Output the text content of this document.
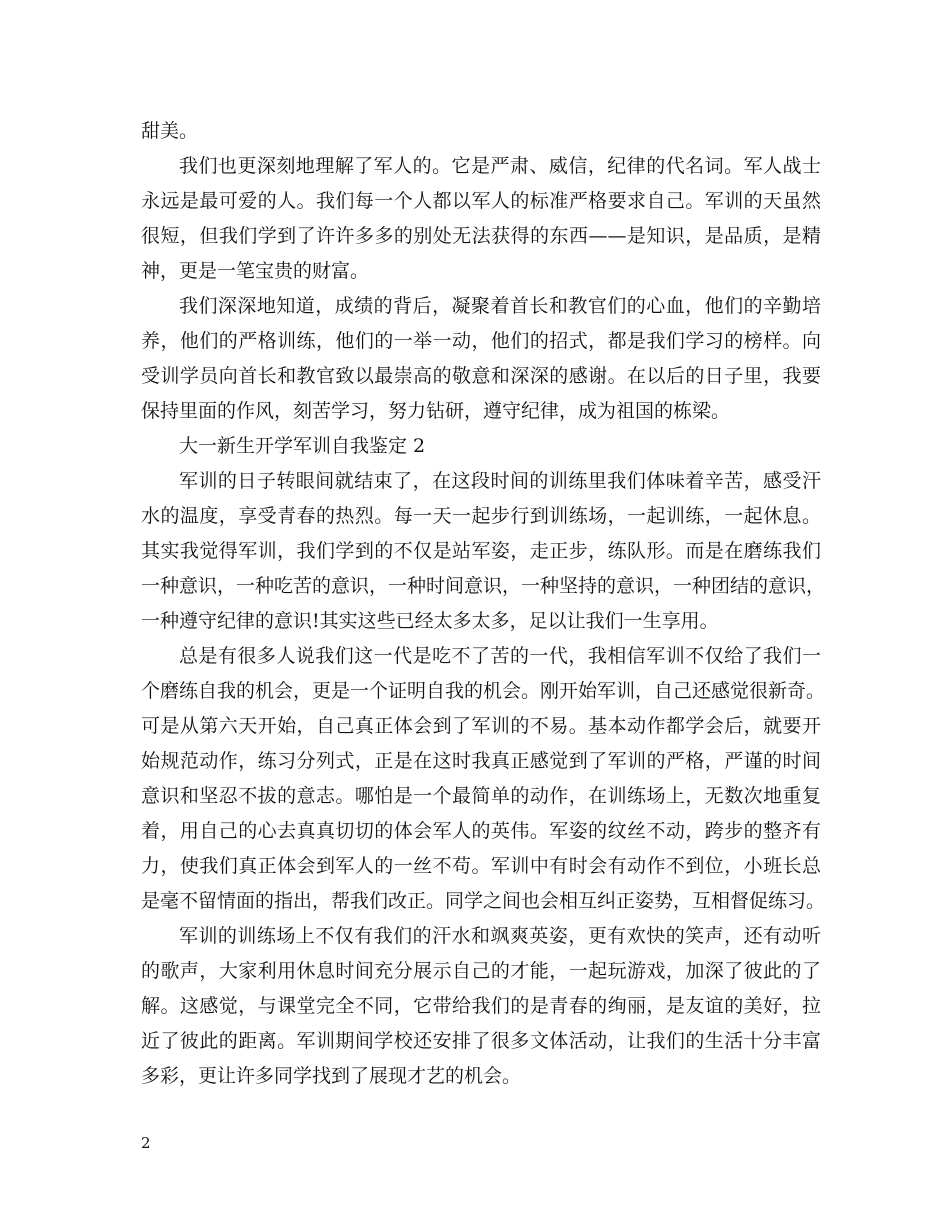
甜美。
我们也更深刻地理解了军人的。它是严肃、威信，纪律的代名词。军人战士
永远是最可爱的人。我们每一个人都以军人的标准严格要求自己。军训的天虽然
很短，但我们学到了许许多多的别处无法获得的东西——是知识，是品质，是精
神，更是一笔宝贵的财富。
我们深深地知道，成绩的背后，凝聚着首长和教官们的心血，他们的辛勤培
养，他们的严格训练，他们的一举一动，他们的招式，都是我们学习的榜样。向
受训学员向首长和教官致以最崇高的敬意和深深的感谢。在以后的日子里，我要
保持里面的作风，刻苦学习，努力钻研，遵守纪律，成为祖国的栋梁。
大一新生开学军训自我鉴定 2
军训的日子转眼间就结束了，在这段时间的训练里我们体味着辛苦，感受汗
水的温度，享受青春的热烈。每一天一起步行到训练场，一起训练，一起休息。
其实我觉得军训，我们学到的不仅是站军姿，走正步，练队形。而是在磨练我们
一种意识，一种吃苦的意识，一种时间意识，一种坚持的意识，一种团结的意识，
一种遵守纪律的意识!其实这些已经太多太多，足以让我们一生享用。
总是有很多人说我们这一代是吃不了苦的一代，我相信军训不仅给了我们一
个磨练自我的机会，更是一个证明自我的机会。刚开始军训，自己还感觉很新奇。
可是从第六天开始，自己真正体会到了军训的不易。基本动作都学会后，就要开
始规范动作，练习分列式，正是在这时我真正感觉到了军训的严格，严谨的时间
意识和坚忍不拔的意志。哪怕是一个最简单的动作，在训练场上，无数次地重复
着，用自己的心去真真切切的体会军人的英伟。军姿的纹丝不动，跨步的整齐有
力，使我们真正体会到军人的一丝不苟。军训中有时会有动作不到位，小班长总
是毫不留情面的指出，帮我们改正。同学之间也会相互纠正姿势，互相督促练习。
军训的训练场上不仅有我们的汗水和飒爽英姿，更有欢快的笑声，还有动听
的歌声，大家利用休息时间充分展示自己的才能，一起玩游戏，加深了彼此的了
解。这感觉，与课堂完全不同，它带给我们的是青春的绚丽，是友谊的美好，拉
近了彼此的距离。军训期间学校还安排了很多文体活动，让我们的生活十分丰富
多彩，更让许多同学找到了展现才艺的机会。
2
